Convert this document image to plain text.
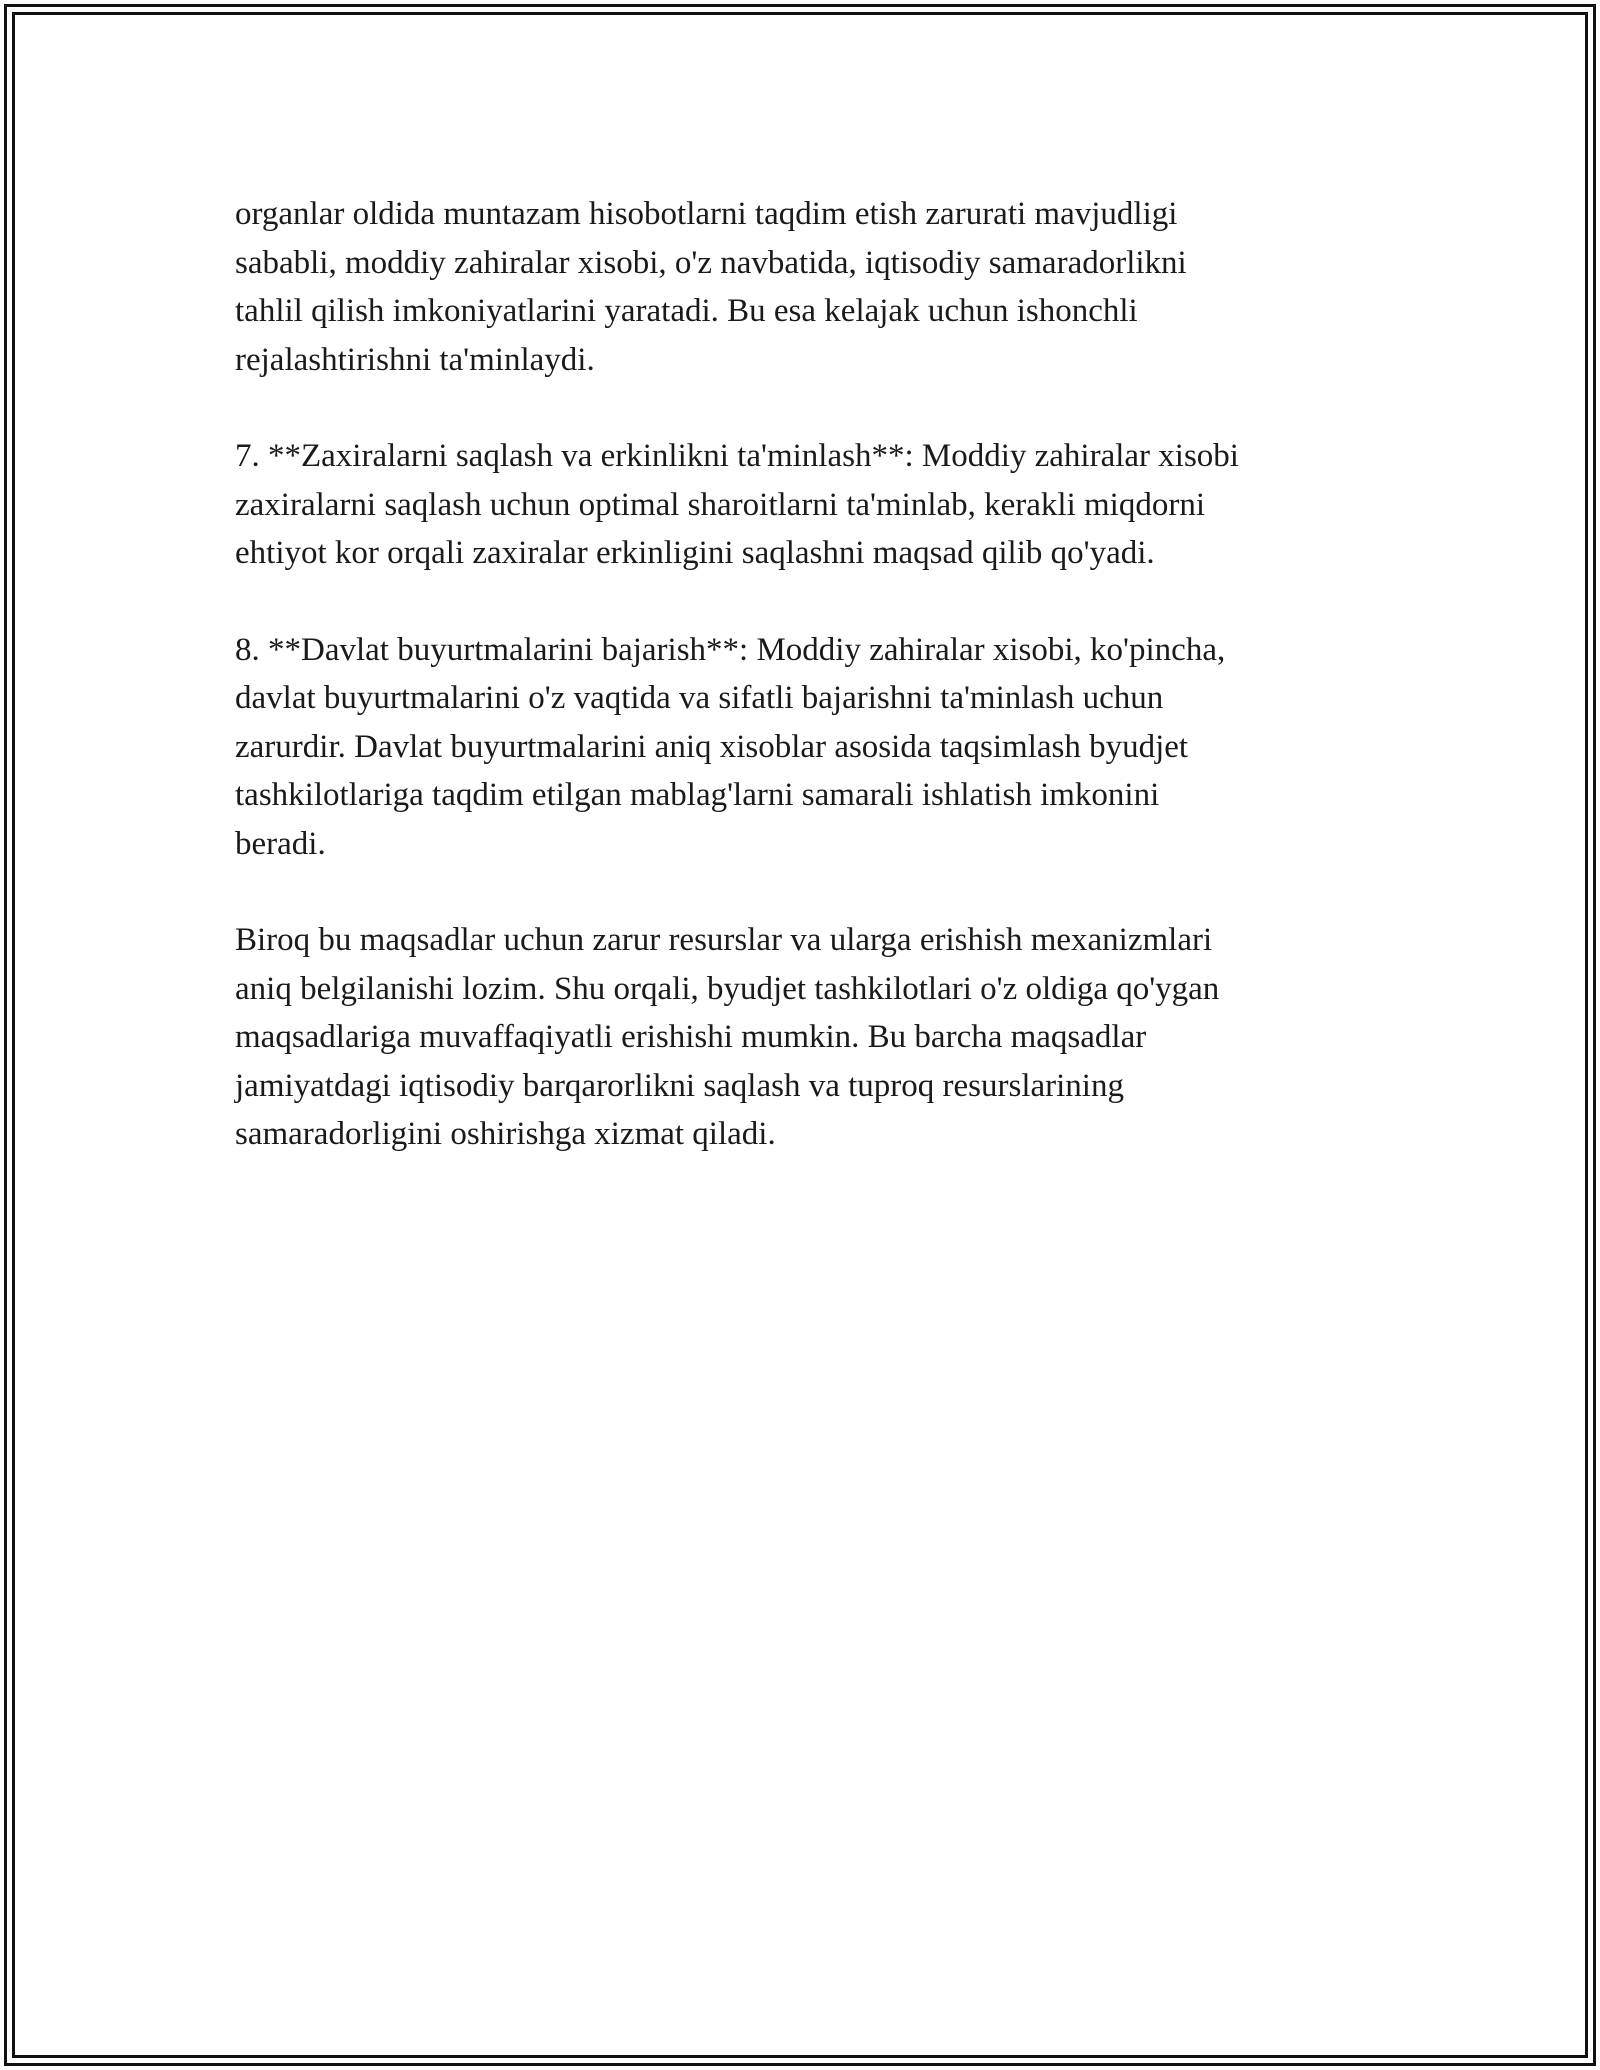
organlar oldida muntazam hisobotlarni taqdim etish zarurati mavjudligi
sababli, moddiy zahiralar xisobi, o'z navbatida, iqtisodiy samaradorlikni
tahlil qilish imkoniyatlarini yaratadi. Bu esa kelajak uchun ishonchli
rejalashtirishni ta'minlaydi.

7. **Zaxiralarni saqlash va erkinlikni ta'minlash**: Moddiy zahiralar xisobi
zaxiralarni saqlash uchun optimal sharoitlarni ta'minlab, kerakli miqdorni
ehtiyot kor orqali zaxiralar erkinligini saqlashni maqsad qilib qo'yadi.

8. **Davlat buyurtmalarini bajarish**: Moddiy zahiralar xisobi, ko'pincha,
davlat buyurtmalarini o'z vaqtida va sifatli bajarishni ta'minlash uchun
zarurdir. Davlat buyurtmalarini aniq xisoblar asosida taqsimlash byudjet
tashkilotlariga taqdim etilgan mablag'larni samarali ishlatish imkonini
beradi.

Biroq bu maqsadlar uchun zarur resurslar va ularga erishish mexanizmlari
aniq belgilanishi lozim. Shu orqali, byudjet tashkilotlari o'z oldiga qo'ygan
maqsadlariga muvaffaqiyatli erishishi mumkin. Bu barcha maqsadlar
jamiyatdagi iqtisodiy barqarorlikni saqlash va tuproq resurslarining
samaradorligini oshirishga xizmat qiladi.
